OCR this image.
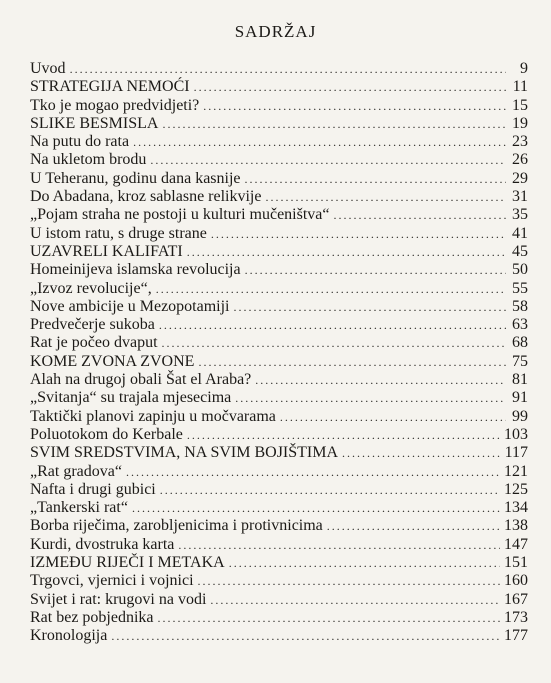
SADRŽAJ
Uvod .....	9
STRATEGIJA NEMOĆI .....	11
Tko je mogao predvidjeti? .....	15
SLIKE BESMISLA .....	19
Na putu do rata .....	23
Na ukletom brodu .....	26
U Teheranu, godinu dana kasnije .....	29
Do Abadana, kroz sablasne relikvije .....	31
„Pojam straha ne postoji u kulturi mučeništva“ .....	35
U istom ratu, s druge strane .....	41
UZAVRELI KALIFATI .....	45
Homeinijeva islamska revolucija .....	50
„Izvoz revolucije“, .....	55
Nove ambicije u Mezopotamiji .....	58
Predvečerje sukoba .....	63
Rat je počeo dvaput .....	68
KOME ZVONA ZVONE .....	75
Alah na drugoj obali Šat el Araba? .....	81
„Svitanja“ su trajala mjesecima .....	91
Taktički planovi zapinju u močvarama .....	99
Poluotokom do Kerbale .....	103
SVIM SREDSTVIMA, NA SVIM BOJIŠTIMA .....	117
„Rat gradova“ .....	121
Nafta i drugi gubici .....	125
„Tankerski rat“ .....	134
Borba riječima, zarobljenicima i protivnicima .....	138
Kurdi, dvostruka karta .....	147
IZMEĐU RIJEČI I METAKA .....	151
Trgovci, vjernici i vojnici .....	160
Svijet i rat: krugovi na vodi .....	167
Rat bez pobjednika .....	173
Kronologija .....	177
